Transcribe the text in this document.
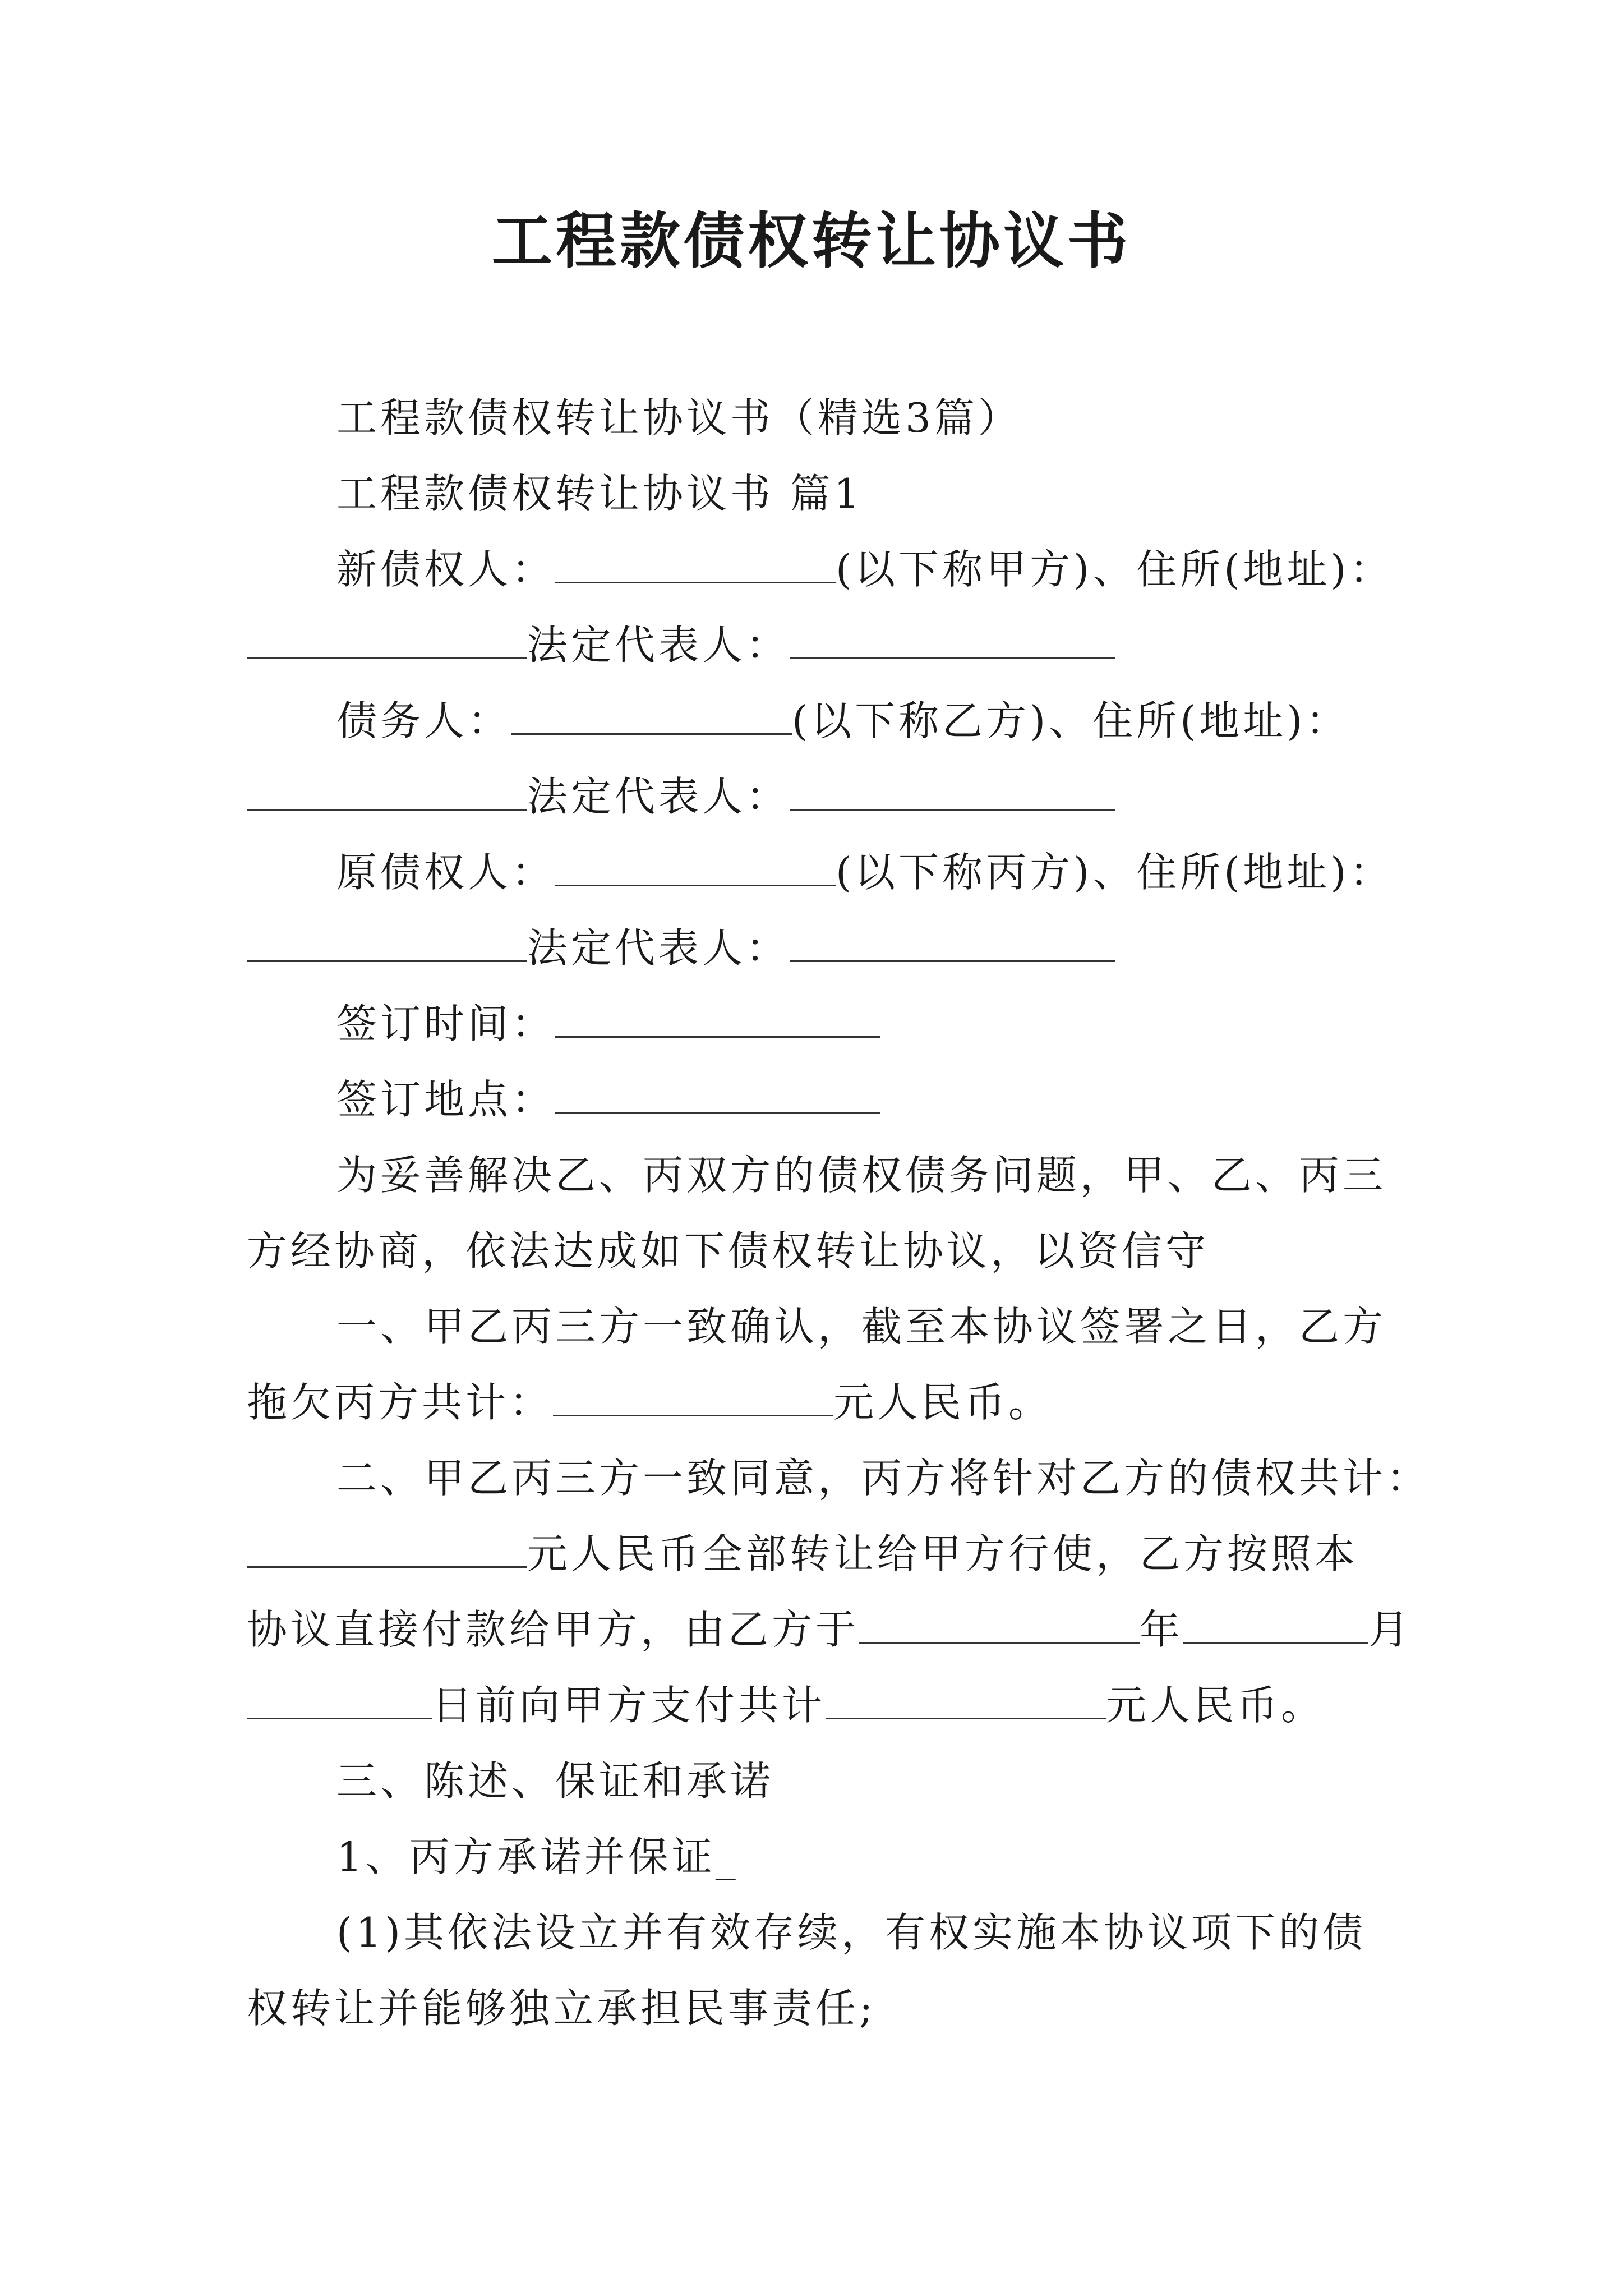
工程款债权转让协议书
工程款债权转让协议书（精选3篇）
工程款债权转让协议书 篇1
新债权人：	(以下称甲方)、住所(地址)：
法定代表人：
债务人：	(以下称乙方)、住所(地址)：
法定代表人：
原债权人：	(以下称丙方)、住所(地址)：
法定代表人：
签订时间：
签订地点：
为妥善解决乙、丙双方的债权债务问题，甲、乙、丙三
方经协商，依法达成如下债权转让协议，以资信守
一、甲乙丙三方一致确认，截至本协议签署之日，乙方
拖欠丙方共计：	元人民币。
二、甲乙丙三方一致同意，丙方将针对乙方的债权共计：
元人民币全部转让给甲方行使，乙方按照本
协议直接付款给甲方，由乙方于	年	月
日前向甲方支付共计	元人民币。
三、陈述、保证和承诺
1、丙方承诺并保证_
(1)其依法设立并有效存续，有权实施本协议项下的债
权转让并能够独立承担民事责任;
